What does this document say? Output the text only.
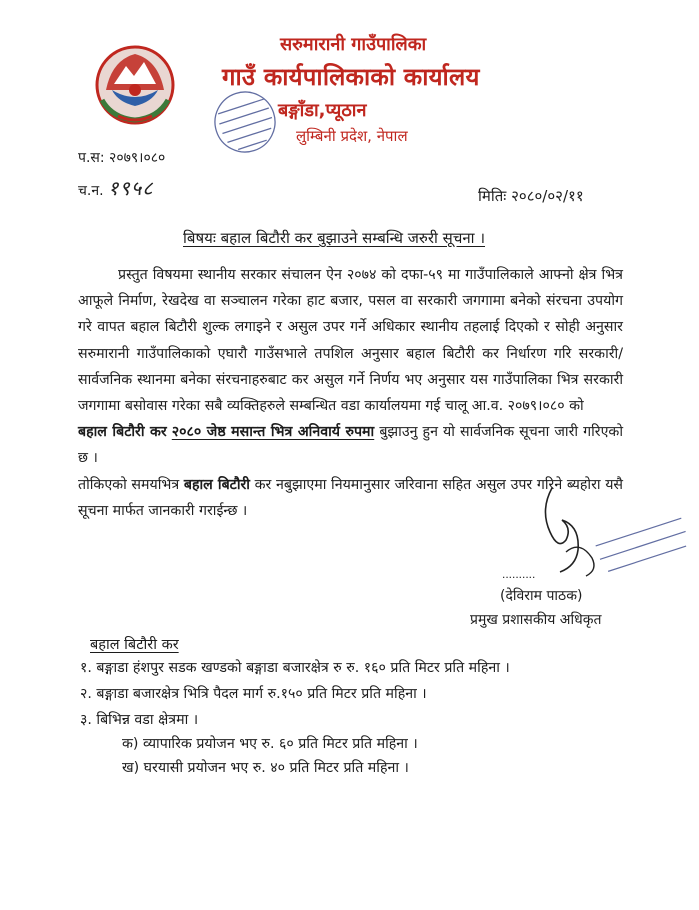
सरुमारानी गाउँपालिका
गाउँ कार्यपालिकाको कार्यालय
बङ्गाँडा,प्यूठान
लुम्बिनी प्रदेश, नेपाल
प.स: २०७९।०८०
च.न. १९५८	मितिः २०८०/०२/११
बिषयः बहाल बिटौरी कर बुझाउने सम्बन्धि जरुरी सूचना ।

प्रस्तुत विषयमा स्थानीय सरकार संचालन ऐन २०७४ को दफा-५९ मा गाउँपालिकाले आफ्नो क्षेत्र भित्र आफूले निर्माण, रेखदेख वा सञ्चालन गरेका हाट बजार, पसल वा सरकारी जगगामा बनेको संरचना उपयोग गरे वापत बहाल बिटौरी शुल्क लगाइने र असुल उपर गर्ने अधिकार स्थानीय तहलाई दिएको र सोही अनुसार सरुमारानी गाउँपालिकाको एघारौ गाउँसभाले तपशिल अनुसार बहाल बिटौरी कर निर्धारण गरि सरकारी/सार्वजनिक स्थानमा बनेका संरचनाहरुबाट कर असुल गर्ने निर्णय भए अनुसार यस गाउँपालिका भित्र सरकारी जगगामा बसोवास गरेका सबै व्यक्तिहरुले सम्बन्धित वडा कार्यालयमा गई चालू आ.व. २०७९।०८० को
बहाल बिटौरी कर २०८० जेष्ठ मसान्त भित्र अनिवार्य रुपमा बुझाउनु हुन यो सार्वजनिक सूचना जारी गरिएको छ ।

तोकिएको समयभित्र बहाल बिटौरी कर नबुझाएमा नियमानुसार जरिवाना सहित असुल उपर गरिने ब्यहोरा यसै सूचना मार्फत जानकारी गराईन्छ ।

..........
(देविराम पाठक)
प्रमुख प्रशासकीय अधिकृत
बहाल बिटौरी कर
१. बङ्गाडा हंशपुर सडक खण्डको बङ्गाडा बजारक्षेत्र रु रु. १६० प्रति मिटर प्रति महिना ।
२. बङ्गाडा बजारक्षेत्र भित्रि पैदल मार्ग रु.१५० प्रति मिटर प्रति महिना ।
३. बिभिन्न वडा क्षेत्रमा ।
क) व्यापारिक प्रयोजन भए रु. ६० प्रति मिटर प्रति महिना ।
ख) घरयासी प्रयोजन भए रु. ४० प्रति मिटर प्रति महिना ।
